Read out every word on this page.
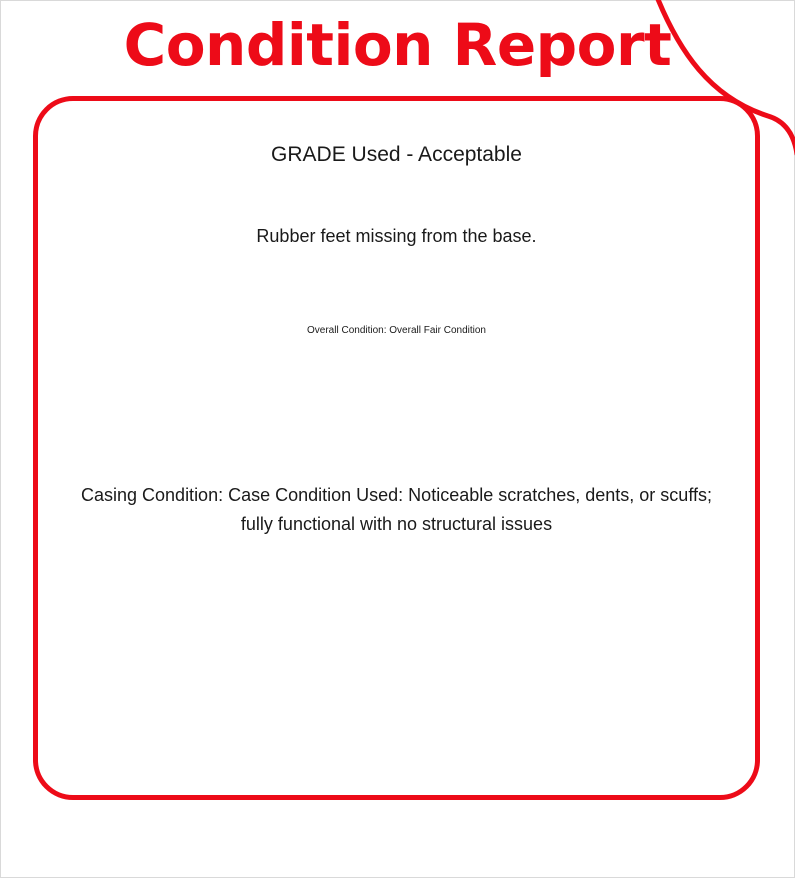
Condition Report
GRADE Used - Acceptable
Rubber feet missing from the base.
Overall Condition: Overall Fair Condition
Casing Condition: Case Condition Used: Noticeable scratches, dents, or scuffs; fully functional with no structural issues
